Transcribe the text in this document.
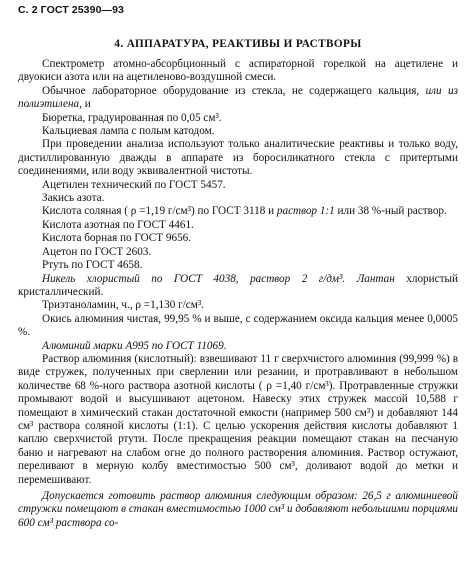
С. 2 ГОСТ 25390—93
4. АППАРАТУРА, РЕАКТИВЫ И РАСТВОРЫ

Спектрометр атомно-абсорбционный с аспираторной горелкой на ацетилене и двуокиси азота или на ацетиленово-воздушной смеси.

Обычное лабораторное оборудование из стекла, не содержащего кальция, или из полиэтилена, и

Бюретка, градуированная по 0,05 см³.

Кальциевая лампа с полым катодом.

При проведении анализа используют только аналитические реактивы и только воду, дистиллированную дважды в аппарате из боросиликатного стекла с притертыми соединениями, или воду эквивалентной чистоты.

Ацетилен технический по ГОСТ 5457.

Закись азота.

Кислота соляная ( ρ =1,19 г/см³) по ГОСТ 3118 и раствор 1:1 или 38 %-ный раствор.

Кислота азотная по ГОСТ 4461.

Кислота борная по ГОСТ 9656.

Ацетон по ГОСТ 2603.

Ртуть по ГОСТ 4658.

Никель хлористый по ГОСТ 4038, раствор 2 г/дм³. Лантан хлористый кристаллический.

Триэтаноламин, ч., ρ =1,130 г/см³.

Окись алюминия чистая, 99,95 % и выше, с содержанием оксида кальция менее 0,0005 %.

Алюминий марки А995 по ГОСТ 11069.

Раствор алюминия (кислотный): взвешивают 11 г сверхчистого алюминия (99,999 %) в виде стружек, полученных при сверлении или резании, и протравливают в небольшом количестве 68 %-ного раствора азотной кислоты ( ρ =1,40 г/см³). Протравленные стружки промывают водой и высушивают ацетоном. Навеску этих стружек массой 10,588 г помещают в химический стакан достаточной емкости (например 500 см³) и добавляют 144 см³ раствора соляной кислоты (1:1). С целью ускорения действия кислоты добавляют 1 каплю сверхчистой ртути. После прекращения реакции помещают стакан на песчаную баню и нагревают на слабом огне до полного растворения алюминия. Раствор остужают, переливают в мерную колбу вместимостью 500 см³, доливают водой до метки и перемешивают.

Допускается готовить раствор алюминия следующим образом: 26,5 г алюминиевой стружки помещают в стакан вместимостью 1000 см³ и добавляют небольшими порциями 600 см³ раствора со-
